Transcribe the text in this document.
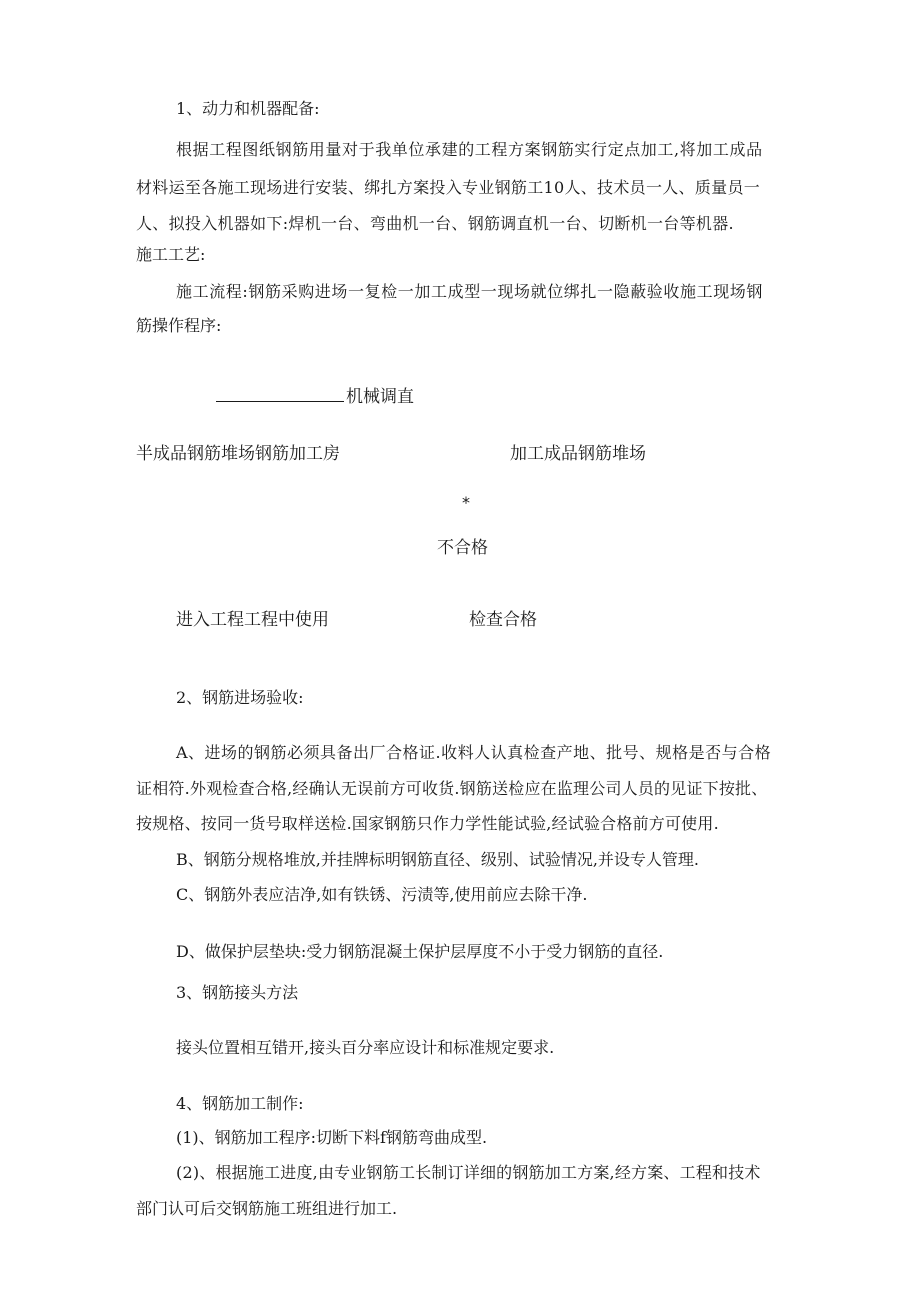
1、动力和机器配备:
根据工程图纸钢筋用量对于我单位承建的工程方案钢筋实行定点加工,将加工成品
材料运至各施工现场进行安装、绑扎方案投入专业钢筋工10人、技术员一人、质量员一
人、拟投入机器如下:焊机一台、弯曲机一台、钢筋调直机一台、切断机一台等机器.
施工工艺:
施工流程:钢筋采购进场一复检一加工成型一现场就位绑扎一隐蔽验收施工现场钢
筋操作程序:
机械调直
半成品钢筋堆场钢筋加工房	加工成品钢筋堆场
*
不合格
进入工程工程中使用	检查合格
2、钢筋进场验收:
A、进场的钢筋必须具备出厂合格证.收料人认真检查产地、批号、规格是否与合格
证相符.外观检查合格,经确认无误前方可收货.钢筋送检应在监理公司人员的见证下按批、
按规格、按同一货号取样送检.国家钢筋只作力学性能试验,经试验合格前方可使用.
B、钢筋分规格堆放,并挂牌标明钢筋直径、级别、试验情况,并设专人管理.
C、钢筋外表应洁净,如有铁锈、污渍等,使用前应去除干净.
D、做保护层垫块:受力钢筋混凝土保护层厚度不小于受力钢筋的直径.
3、钢筋接头方法
接头位置相互错开,接头百分率应设计和标准规定要求.
4、钢筋加工制作:
(1)、钢筋加工程序:切断下料f钢筋弯曲成型.
(2)、根据施工进度,由专业钢筋工长制订详细的钢筋加工方案,经方案、工程和技术
部门认可后交钢筋施工班组进行加工.
